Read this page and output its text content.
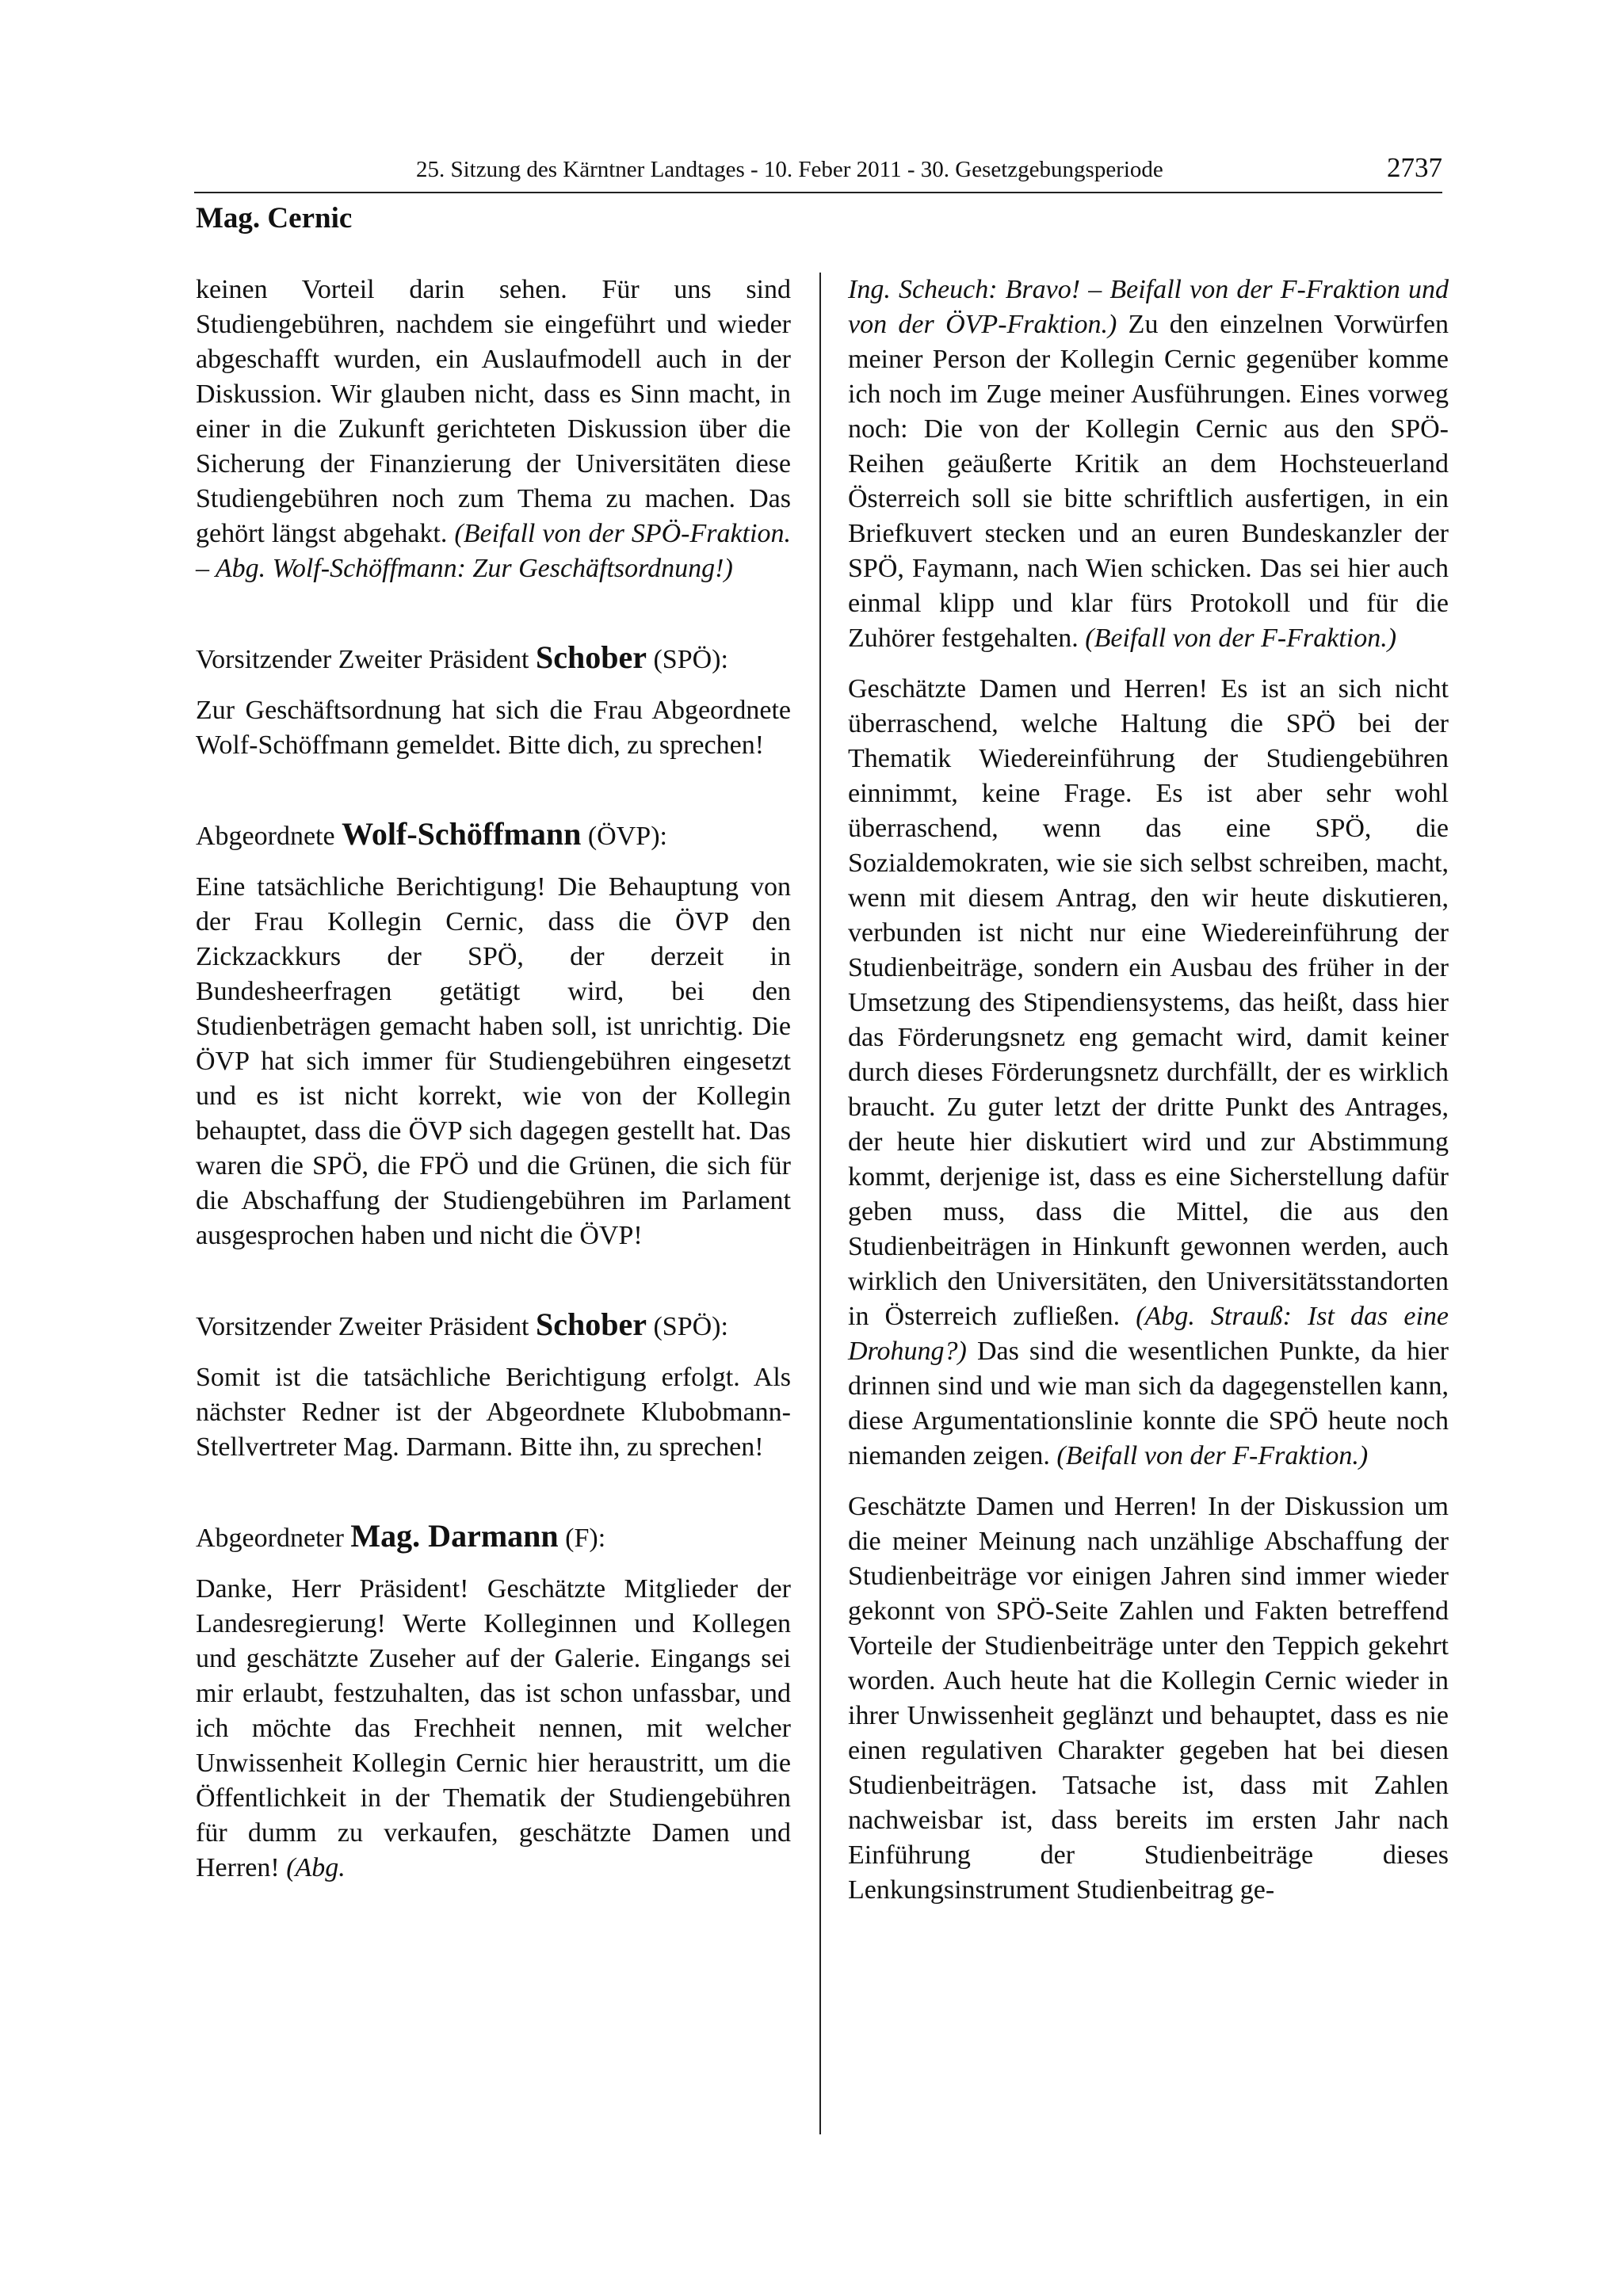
25. Sitzung des Kärntner Landtages - 10. Feber 2011 - 30. Gesetzgebungsperiode	2737
Mag. Cernic

keinen Vorteil darin sehen. Für uns sind Studiengebühren, nachdem sie eingeführt und wieder abgeschafft wurden, ein Auslaufmodell auch in der Diskussion. Wir glauben nicht, dass es Sinn macht, in einer in die Zukunft gerichteten Diskussion über die Sicherung der Finanzierung der Universitäten diese Studiengebühren noch zum Thema zu machen. Das gehört längst abgehakt. (Beifall von der SPÖ-Fraktion. – Abg. Wolf-Schöffmann: Zur Geschäftsordnung!)

Vorsitzender Zweiter Präsident Schober (SPÖ):

Zur Geschäftsordnung hat sich die Frau Abgeordnete Wolf-Schöffmann gemeldet. Bitte dich, zu sprechen!

Abgeordnete Wolf-Schöffmann (ÖVP):

Eine tatsächliche Berichtigung! Die Behauptung von der Frau Kollegin Cernic, dass die ÖVP den Zickzackkurs der SPÖ, der derzeit in Bundesheerfragen getätigt wird, bei den Studienbeträgen gemacht haben soll, ist unrichtig. Die ÖVP hat sich immer für Studiengebühren eingesetzt und es ist nicht korrekt, wie von der Kollegin behauptet, dass die ÖVP sich dagegen gestellt hat. Das waren die SPÖ, die FPÖ und die Grünen, die sich für die Abschaffung der Studiengebühren im Parlament ausgesprochen haben und nicht die ÖVP!

Vorsitzender Zweiter Präsident Schober (SPÖ):

Somit ist die tatsächliche Berichtigung erfolgt. Als nächster Redner ist der Abgeordnete Klubobmann-Stellvertreter Mag. Darmann. Bitte ihn, zu sprechen!

Abgeordneter Mag. Darmann (F):

Danke, Herr Präsident! Geschätzte Mitglieder der Landesregierung! Werte Kolleginnen und Kollegen und geschätzte Zuseher auf der Galerie. Eingangs sei mir erlaubt, festzuhalten, das ist schon unfassbar, und ich möchte das Frechheit nennen, mit welcher Unwissenheit Kollegin Cernic hier heraustritt, um die Öffentlichkeit in der Thematik der Studiengebühren für dumm zu verkaufen, geschätzte Damen und Herren! (Abg.

Ing. Scheuch: Bravo! – Beifall von der F-Fraktion und von der ÖVP-Fraktion.) Zu den einzelnen Vorwürfen meiner Person der Kollegin Cernic gegenüber komme ich noch im Zuge meiner Ausführungen. Eines vorweg noch: Die von der Kollegin Cernic aus den SPÖ-Reihen geäußerte Kritik an dem Hochsteuerland Österreich soll sie bitte schriftlich ausfertigen, in ein Briefkuvert stecken und an euren Bundeskanzler der SPÖ, Faymann, nach Wien schicken. Das sei hier auch einmal klipp und klar fürs Protokoll und für die Zuhörer festgehalten. (Beifall von der F-Fraktion.)

Geschätzte Damen und Herren! Es ist an sich nicht überraschend, welche Haltung die SPÖ bei der Thematik Wiedereinführung der Studiengebühren einnimmt, keine Frage. Es ist aber sehr wohl überraschend, wenn das eine SPÖ, die Sozialdemokraten, wie sie sich selbst schreiben, macht, wenn mit diesem Antrag, den wir heute diskutieren, verbunden ist nicht nur eine Wiedereinführung der Studienbeiträge, sondern ein Ausbau des früher in der Umsetzung des Stipendiensystems, das heißt, dass hier das Förderungsnetz eng gemacht wird, damit keiner durch dieses Förderungsnetz durchfällt, der es wirklich braucht. Zu guter letzt der dritte Punkt des Antrages, der heute hier diskutiert wird und zur Abstimmung kommt, derjenige ist, dass es eine Sicherstellung dafür geben muss, dass die Mittel, die aus den Studienbeiträgen in Hinkunft gewonnen werden, auch wirklich den Universitäten, den Universitätsstandorten in Österreich zufließen. (Abg. Strauß: Ist das eine Drohung?) Das sind die wesentlichen Punkte, da hier drinnen sind und wie man sich da dagegenstellen kann, diese Argumentationslinie konnte die SPÖ heute noch niemanden zeigen. (Beifall von der F-Fraktion.)

Geschätzte Damen und Herren! In der Diskussion um die meiner Meinung nach unzählige Abschaffung der Studienbeiträge vor einigen Jahren sind immer wieder gekonnt von SPÖ-Seite Zahlen und Fakten betreffend Vorteile der Studienbeiträge unter den Teppich gekehrt worden. Auch heute hat die Kollegin Cernic wieder in ihrer Unwissenheit geglänzt und behauptet, dass es nie einen regulativen Charakter gegeben hat bei diesen Studienbeiträgen. Tatsache ist, dass mit Zahlen nachweisbar ist, dass bereits im ersten Jahr nach Einführung der Studienbeiträge dieses Lenkungsinstrument Studienbeitrag ge-
